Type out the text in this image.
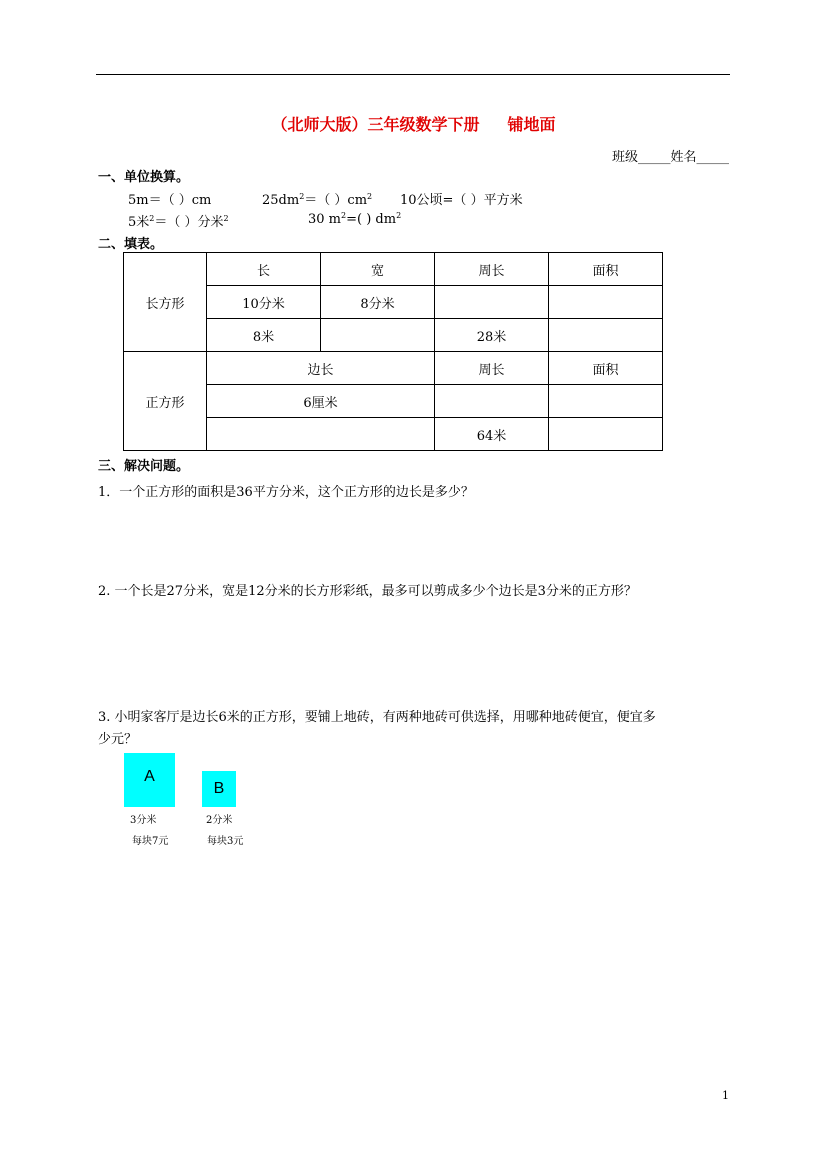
（北师大版）三年级数学下册 铺地面
班级_____姓名_____
一、单位换算。
5m＝（ ）cm	$25dm^2=$（ ）$cm^2$ 10公顷=（ ）平方米
5米$^2$＝（ ）分米$^2$	30 $m^2=$( ) $dm^2$
二、填表。
长方形	长	宽	周长	面积
	10分米	8分米		
	8米		28米	
正方形	边长		周长	面积
	6厘米			
			64米	
三、解决问题。
1．一个正方形的面积是36平方分米，这个正方形的边长是多少？
2. 一个长是27分米，宽是12分米的长方形彩纸，最多可以剪成多少个边长是3分米的正方形？
3. 小明家客厅是边长6米的正方形，要铺上地砖，有两种地砖可供选择，用哪种地砖便宜，便宜多
少元？
A
B
3分米
每块7元
2分米
每块3元
1
